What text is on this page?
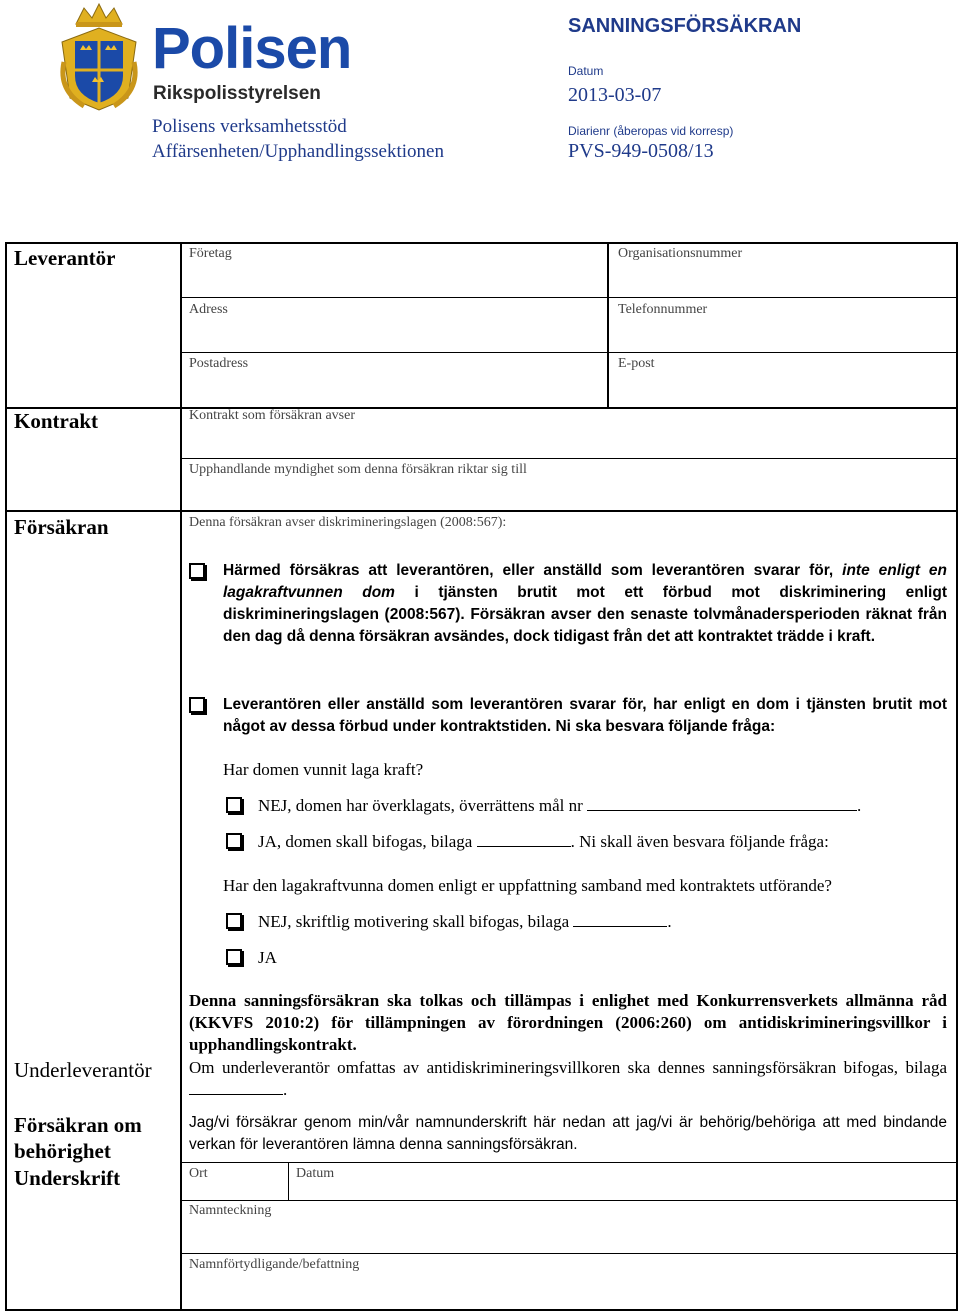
Polisen
Rikspolisstyrelsen
Polisens verksamhetsstöd
Affärsenheten/Upphandlingssektionen
SANNINGSFÖRSÄKRAN
Datum
2013-03-07
Diarienr (åberopas vid korresp)
PVS-949-0508/13
Leverantör
Kontrakt
Försäkran
Underleverantör
Försäkran om
behörighet
Underskrift
Företag	Organisationsnummer
Adress	Telefonnummer
Postadress	E-post
Kontrakt som försäkran avser
Upphandlande myndighet som denna försäkran riktar sig till
Denna försäkran avser diskrimineringslagen (2008:567):
Härmed försäkras att leverantören, eller anställd som leverantören svarar för, inte enligt en lagakraftvunnen dom i tjänsten brutit mot ett förbud mot diskriminering enligt diskrimineringslagen (2008:567). Försäkran avser den senaste tolvmånadersperioden räknat från den dag då denna försäkran avsändes, dock tidigast från det att kontraktet trädde i kraft.
Leverantören eller anställd som leverantören svarar för, har enligt en dom i tjänsten brutit mot något av dessa förbud under kontraktstiden. Ni ska besvara följande fråga:
Har domen vunnit laga kraft?
NEJ, domen har överklagats, överrättens mål nr	.
JA, domen skall bifogas, bilaga	. Ni skall även besvara följande fråga:
Har den lagakraftvunna domen enligt er uppfattning samband med kontraktets utförande?
NEJ, skriftlig motivering skall bifogas, bilaga	.
JA
Denna sanningsförsäkran ska tolkas och tillämpas i enlighet med Konkurrensverkets allmänna råd (KKVFS 2010:2) för tillämpningen av förordningen (2006:260) om antidiskrimineringsvillkor i upphandlingskontrakt.
Om underleverantör omfattas av antidiskrimineringsvillkoren ska dennes sanningsförsäkran bifogas, bilaga .
Jag/vi försäkrar genom min/vår namnunderskrift här nedan att jag/vi är behörig/behöriga att med bindande verkan för leverantören lämna denna sanningsförsäkran.
Ort	Datum
Namnteckning
Namnförtydligande/befattning
